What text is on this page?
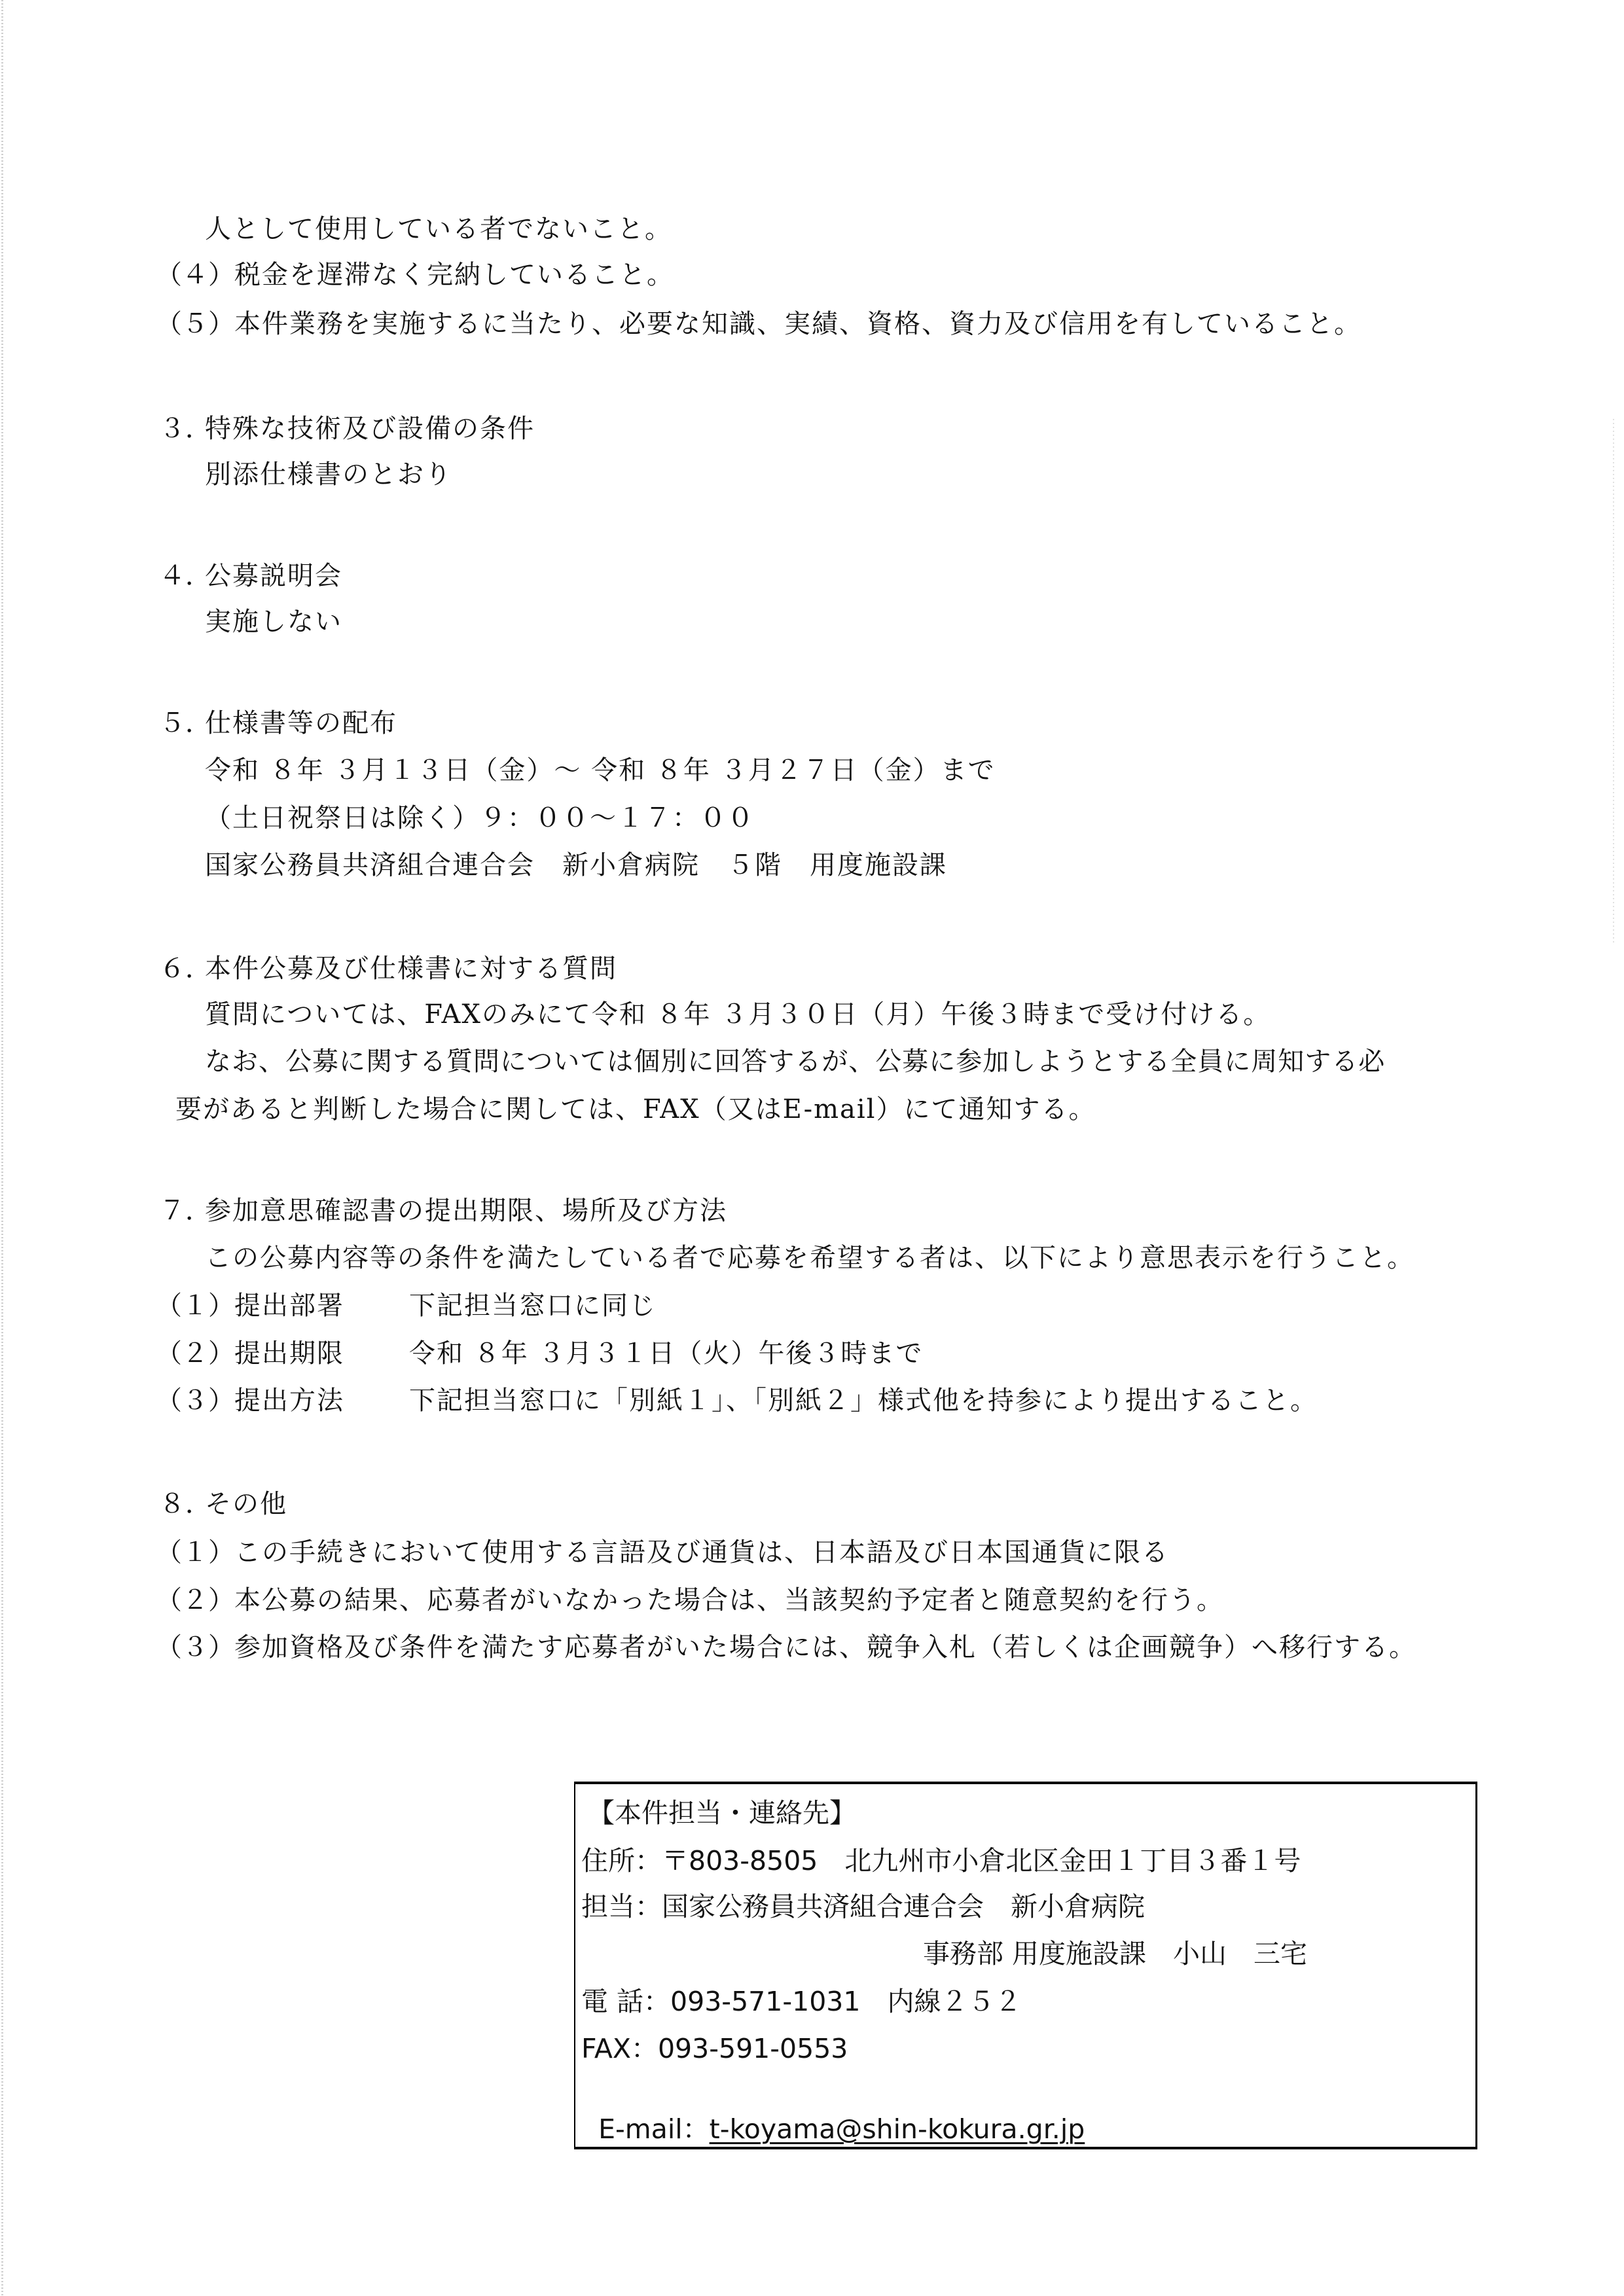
人として使用している者でないこと。
（４） 税金を遅滞なく完納していること。
（５） 本件業務を実施するに当たり、必要な知識、実績、資格、資力及び信用を有していること。
３．
特殊な技術及び設備の条件
別添仕様書のとおり
４．
公募説明会
実施しない
５．
仕様書等の配布
令和 ８年 ３月１３日（金）～ 令和 ８年 ３月２７日（金）まで
（土日祝祭日は除く）９：００～１７：００
国家公務員共済組合連合会　新小倉病院　５階　用度施設課
６．
本件公募及び仕様書に対する質問
質問については、FAXのみにて令和 ８年 ３月３０日（月）午後３時まで受け付ける。
なお、公募に関する質問については個別に回答するが、公募に参加しようとする全員に周知する必
要があると判断した場合に関しては、FAX（又はE-mail）にて通知する。
７．
参加意思確認書の提出期限、場所及び方法
この公募内容等の条件を満たしている者で応募を希望する者は、以下により意思表示を行うこと。
（１） 提出部署 下記担当窓口に同じ
（２） 提出期限 令和 ８年 ３月３１日（火）午後３時まで
（３） 提出方法 下記担当窓口に「別紙１」、「別紙２」様式他を持参により提出すること。
８．
その他
（１） この手続きにおいて使用する言語及び通貨は、日本語及び日本国通貨に限る
（２） 本公募の結果、応募者がいなかった場合は、当該契約予定者と随意契約を行う。
（３） 参加資格及び条件を満たす応募者がいた場合には、競争入札（若しくは企画競争）へ移行する。
【本件担当・連絡先】
住所：〒803-8505　北九州市小倉北区金田１丁目３番１号
担当：国家公務員共済組合連合会　新小倉病院
事務部 用度施設課　小山　三宅
電 話：093-571-1031　内線２５２
FAX：093-591-0553

E-mail：t-koyama@shin-kokura.gr.jp
